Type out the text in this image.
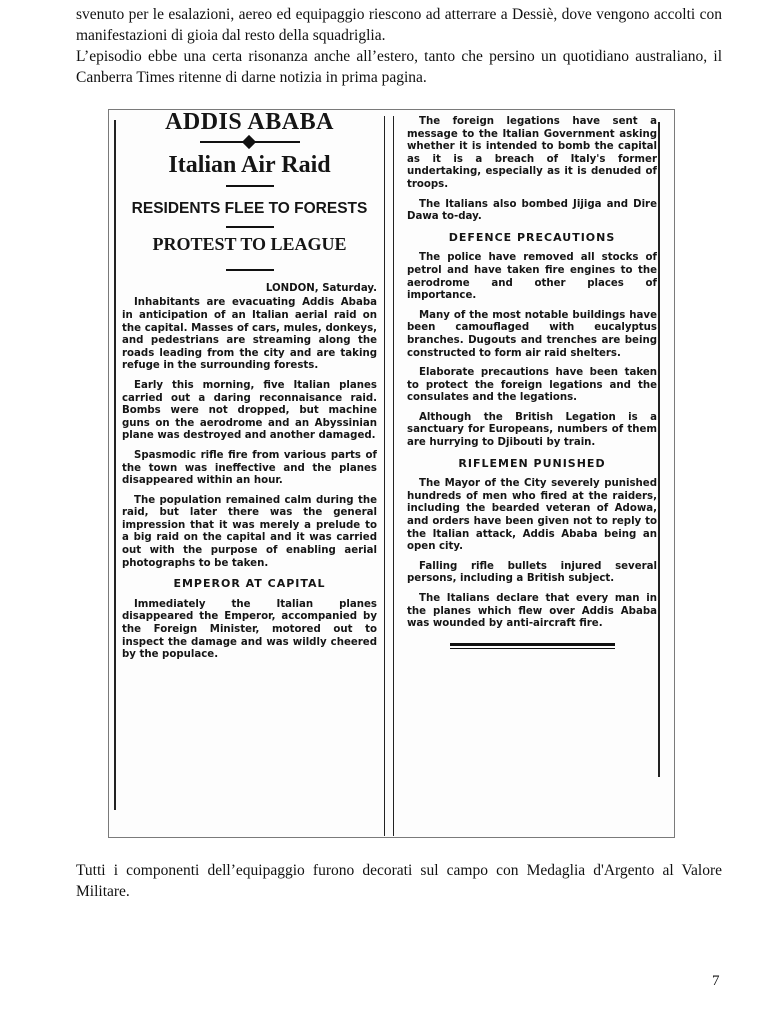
svenuto per le esalazioni, aereo ed equipaggio riescono ad atterrare a Dessiè, dove vengono accolti con manifestazioni di gioia dal resto della squadriglia.

L’episodio ebbe una certa risonanza anche all’estero, tanto che persino un quotidiano australiano, il Canberra Times ritenne di darne notizia in prima pagina.

ADDIS ABABA
Italian Air Raid
RESIDENTS FLEE TO FORESTS
PROTEST TO LEAGUE
LONDON, Saturday.

Inhabitants are evacuating Addis Ababa in anticipation of an Italian aerial raid on the capital. Masses of cars, mules, donkeys, and pedestrians are streaming along the roads leading from the city and are taking refuge in the surrounding forests.

Early this morning, five Italian planes carried out a daring reconnaisance raid. Bombs were not dropped, but machine guns on the aerodrome and an Abyssinian plane was destroyed and another damaged.

Spasmodic rifle fire from various parts of the town was ineffective and the planes disappeared within an hour.

The population remained calm during the raid, but later there was the general impression that it was merely a prelude to a big raid on the capital and it was carried out with the purpose of enabling aerial photographs to be taken.

EMPEROR AT CAPITAL

Immediately the Italian planes disappeared the Emperor, accompanied by the Foreign Minister, motored out to inspect the damage and was wildly cheered by the populace.

The foreign legations have sent a message to the Italian Government asking whether it is intended to bomb the capital as it is a breach of Italy's former undertaking, especially as it is denuded of troops.

The Italians also bombed Jijiga and Dire Dawa to-day.

DEFENCE PRECAUTIONS

The police have removed all stocks of petrol and have taken fire engines to the aerodrome and other places of importance.

Many of the most notable buildings have been camouflaged with eucalyptus branches. Dugouts and trenches are being constructed to form air raid shelters.

Elaborate precautions have been taken to protect the foreign legations and the consulates and the legations.

Although the British Legation is a sanctuary for Europeans, numbers of them are hurrying to Djibouti by train.

RIFLEMEN PUNISHED

The Mayor of the City severely punished hundreds of men who fired at the raiders, including the bearded veteran of Adowa, and orders have been given not to reply to the Italian attack, Addis Ababa being an open city.

Falling rifle bullets injured several persons, including a British subject.

The Italians declare that every man in the planes which flew over Addis Ababa was wounded by anti-aircraft fire.

Tutti i componenti dell’equipaggio furono decorati sul campo con Medaglia d'Argento al Valore Militare.

7
